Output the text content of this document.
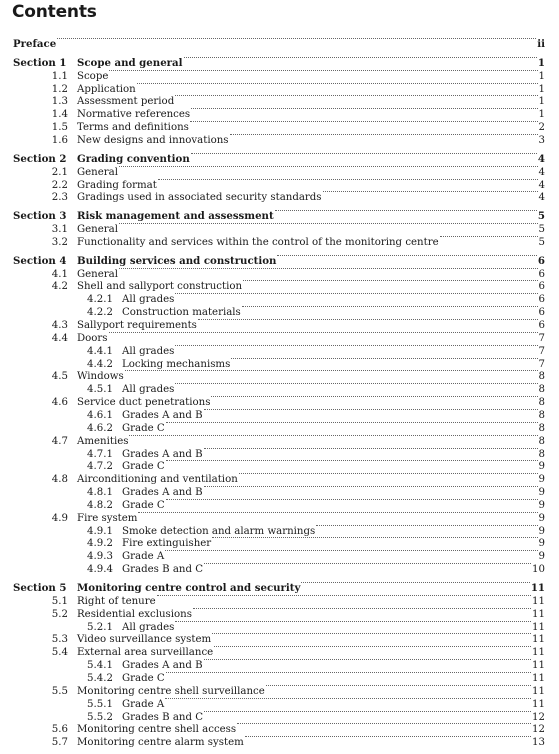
Contents
Preface	ii
Section 1 Scope and general	1
1.1 Scope	1
1.2 Application	1
1.3 Assessment period	1
1.4 Normative references	1
1.5 Terms and definitions	2
1.6 New designs and innovations	3
Section 2 Grading convention	4
2.1 General	4
2.2 Grading format	4
2.3 Gradings used in associated security standards	4
Section 3 Risk management and assessment	5
3.1 General	5
3.2 Functionality and services within the control of the monitoring centre	5
Section 4 Building services and construction	6
4.1 General	6
4.2 Shell and sallyport construction	6
4.2.1 All grades	6
4.2.2 Construction materials	6
4.3 Sallyport requirements	6
4.4 Doors	7
4.4.1 All grades	7
4.4.2 Locking mechanisms	7
4.5 Windows	8
4.5.1 All grades	8
4.6 Service duct penetrations	8
4.6.1 Grades A and B	8
4.6.2 Grade C	8
4.7 Amenities	8
4.7.1 Grades A and B	8
4.7.2 Grade C	9
4.8 Airconditioning and ventilation	9
4.8.1 Grades A and B	9
4.8.2 Grade C	9
4.9 Fire system	9
4.9.1 Smoke detection and alarm warnings	9
4.9.2 Fire extinguisher	9
4.9.3 Grade A	9
4.9.4 Grades B and C	10
Section 5 Monitoring centre control and security	11
5.1 Right of tenure	11
5.2 Residential exclusions	11
5.2.1 All grades	11
5.3 Video surveillance system	11
5.4 External area surveillance	11
5.4.1 Grades A and B	11
5.4.2 Grade C	11
5.5 Monitoring centre shell surveillance	11
5.5.1 Grade A	11
5.5.2 Grades B and C	12
5.6 Monitoring centre shell access	12
5.7 Monitoring centre alarm system	13
